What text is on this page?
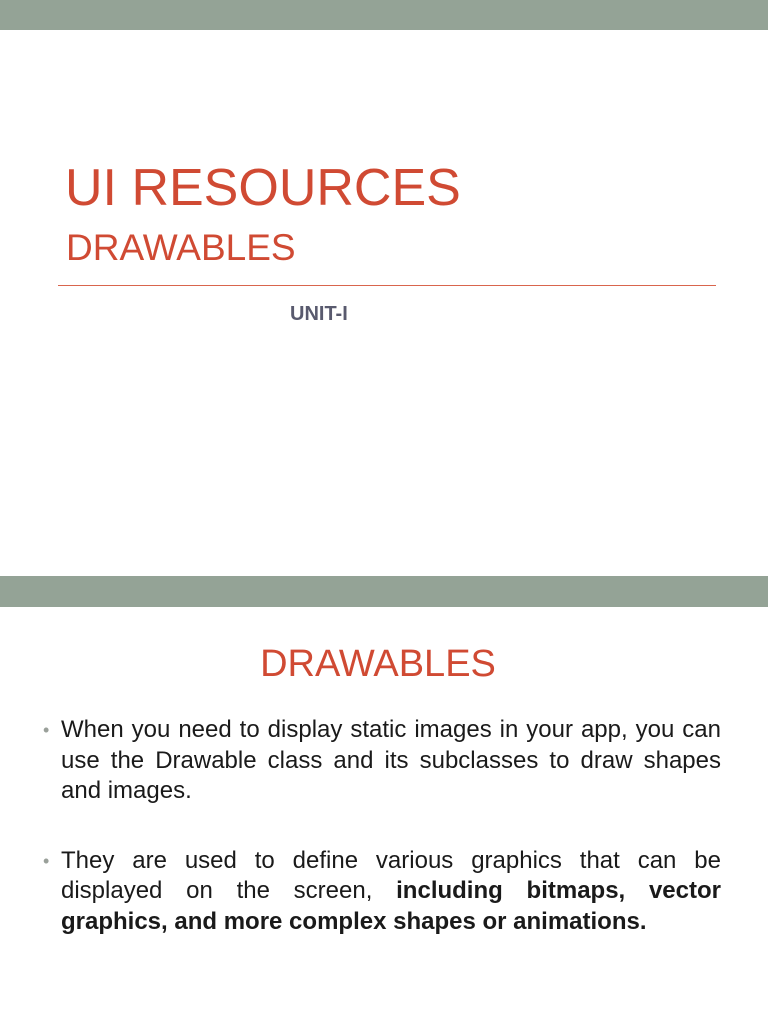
UI RESOURCES
DRAWABLES
UNIT-I
DRAWABLES
• When you need to display static images in your app, you can use the Drawable class and its subclasses to draw shapes and images.
• They are used to define various graphics that can be displayed on the screen, including bitmaps, vector graphics, and more complex shapes or animations.
